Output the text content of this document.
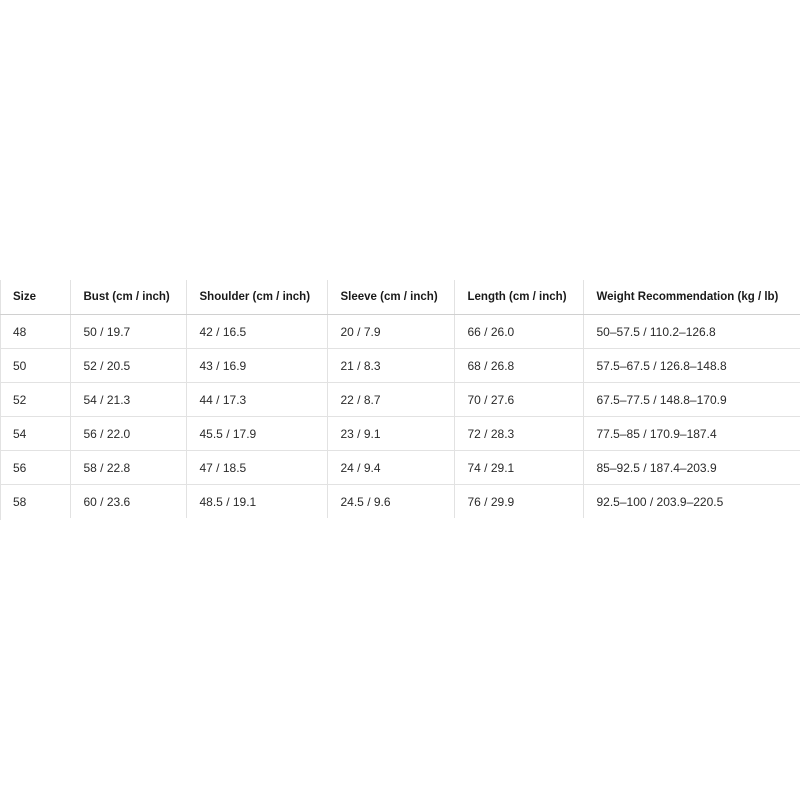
Size	Bust (cm / inch)	Shoulder (cm / inch)	Sleeve (cm / inch)	Length (cm / inch)	Weight Recommendation (kg / lb)
48	50 / 19.7	42 / 16.5	20 / 7.9	66 / 26.0	50–57.5 / 110.2–126.8
50	52 / 20.5	43 / 16.9	21 / 8.3	68 / 26.8	57.5–67.5 / 126.8–148.8
52	54 / 21.3	44 / 17.3	22 / 8.7	70 / 27.6	67.5–77.5 / 148.8–170.9
54	56 / 22.0	45.5 / 17.9	23 / 9.1	72 / 28.3	77.5–85 / 170.9–187.4
56	58 / 22.8	47 / 18.5	24 / 9.4	74 / 29.1	85–92.5 / 187.4–203.9
58	60 / 23.6	48.5 / 19.1	24.5 / 9.6	76 / 29.9	92.5–100 / 203.9–220.5
